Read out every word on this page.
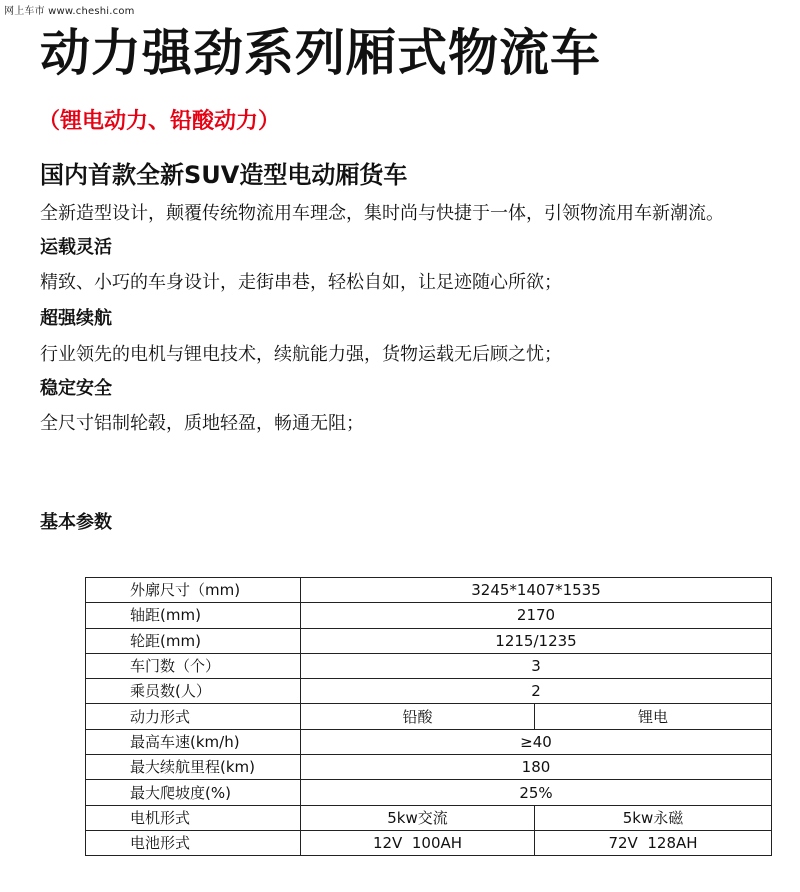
网上车市 www.cheshi.com
动力强劲系列厢式物流车
（锂电动力、铅酸动力）
国内首款全新SUV造型电动厢货车
全新造型设计，颠覆传统物流用车理念，集时尚与快捷于一体，引领物流用车新潮流。
运载灵活
精致、小巧的车身设计，走街串巷，轻松自如，让足迹随心所欲；
超强续航
行业领先的电机与锂电技术，续航能力强，货物运载无后顾之忧；
稳定安全
全尺寸铝制轮毂，质地轻盈，畅通无阻；
基本参数
外廓尺寸（mm)	3245*1407*1535	
轴距(mm)	2170	
轮距(mm)	1215/1235	
车门数（个）	3	
乘员数(人）	2	
动力形式	铅酸	锂电
最高车速(km/h)	≥40	
最大续航里程(km)	180	
最大爬坡度(%)	25%	
电机形式	5kw交流	5kw永磁
电池形式	12V  100AH	72V  128AH
